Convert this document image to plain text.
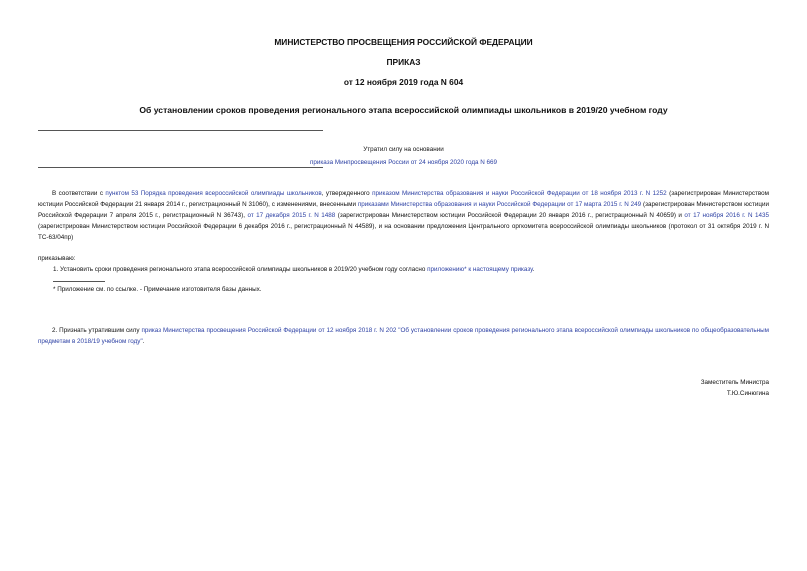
МИНИСТЕРСТВО ПРОСВЕЩЕНИЯ РОССИЙСКОЙ ФЕДЕРАЦИИ
ПРИКАЗ
от 12 ноября 2019 года N 604
Об установлении сроков проведения регионального этапа всероссийской олимпиады школьников в 2019/20 учебном году
Утратил силу на основании
приказа Минпросвещения России от 24 ноября 2020 года N 669
В соответствии с пунктом 53 Порядка проведения всероссийской олимпиады школьников, утвержденного приказом Министерства образования и науки Российской Федерации от 18 ноября 2013 г. N 1252 (зарегистрирован Министерством юстиции Российской Федерации 21 января 2014 г., регистрационный N 31060), с изменениями, внесенными приказами Министерства образования и науки Российской Федерации от 17 марта 2015 г. N 249 (зарегистрирован Министерством юстиции Российской Федерации 7 апреля 2015 г., регистрационный N 36743), от 17 декабря 2015 г. N 1488 (зарегистрирован Министерством юстиции Российской Федерации 20 января 2016 г., регистрационный N 40659) и от 17 ноября 2016 г. N 1435 (зарегистрирован Министерством юстиции Российской Федерации 6 декабря 2016 г., регистрационный N 44589), и на основании предложения Центрального оргкомитета всероссийской олимпиады школьников (протокол от 31 октября 2019 г. N ТС-63/04пр)
приказываю:
1. Установить сроки проведения регионального этапа всероссийской олимпиады школьников в 2019/20 учебном году согласно приложению* к настоящему приказу.
* Приложение см. по ссылке. - Примечание изготовителя базы данных.
2. Признать утратившим силу приказ Министерства просвещения Российской Федерации от 12 ноября 2018 г. N 202 "Об установлении сроков проведения регионального этапа всероссийской олимпиады школьников по общеобразовательным предметам в 2018/19 учебном году".
Заместитель Министра
Т.Ю.Синюгина
